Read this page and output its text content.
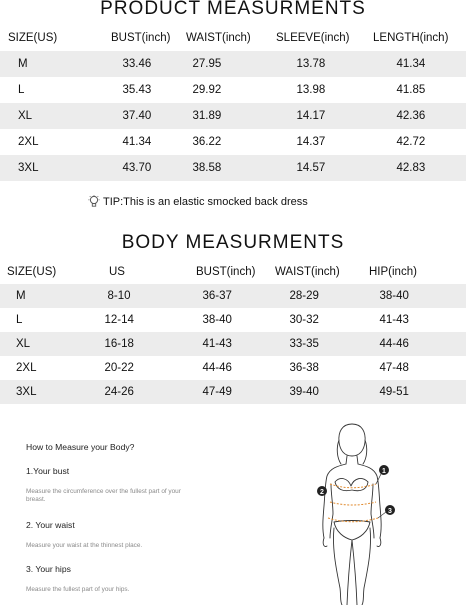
PRODUCT MEASURMENTS
SIZE(US)	BUST(inch) WAIST(inch) SLEEVE(inch) LENGTH(inch)
M	33.46	27.95	13.78	41.34
L	35.43	29.92	13.98	41.85
XL	37.40	31.89	14.17	42.36
2XL	41.34	36.22	14.37	42.72
3XL	43.70	38.58	14.57	42.83
TIP:This is an elastic smocked back dress
BODY MEASURMENTS
SIZE(US)	US	BUST(inch) WAIST(inch)	HIP(inch)
M	8-10	36-37	28-29	38-40
L	12-14	38-40	30-32	41-43
XL	16-18	41-43	33-35	44-46
2XL	20-22	44-46	36-38	47-48
3XL	24-26	47-49	39-40	49-51
How to Measure your Body?
1.Your bust
Measure the circumference over the fullest part of your
breast.
2. Your waist
Measure your waist at the thinnest place.
3. Your hips
Measure the fullest part of your hips.
1
2
3
